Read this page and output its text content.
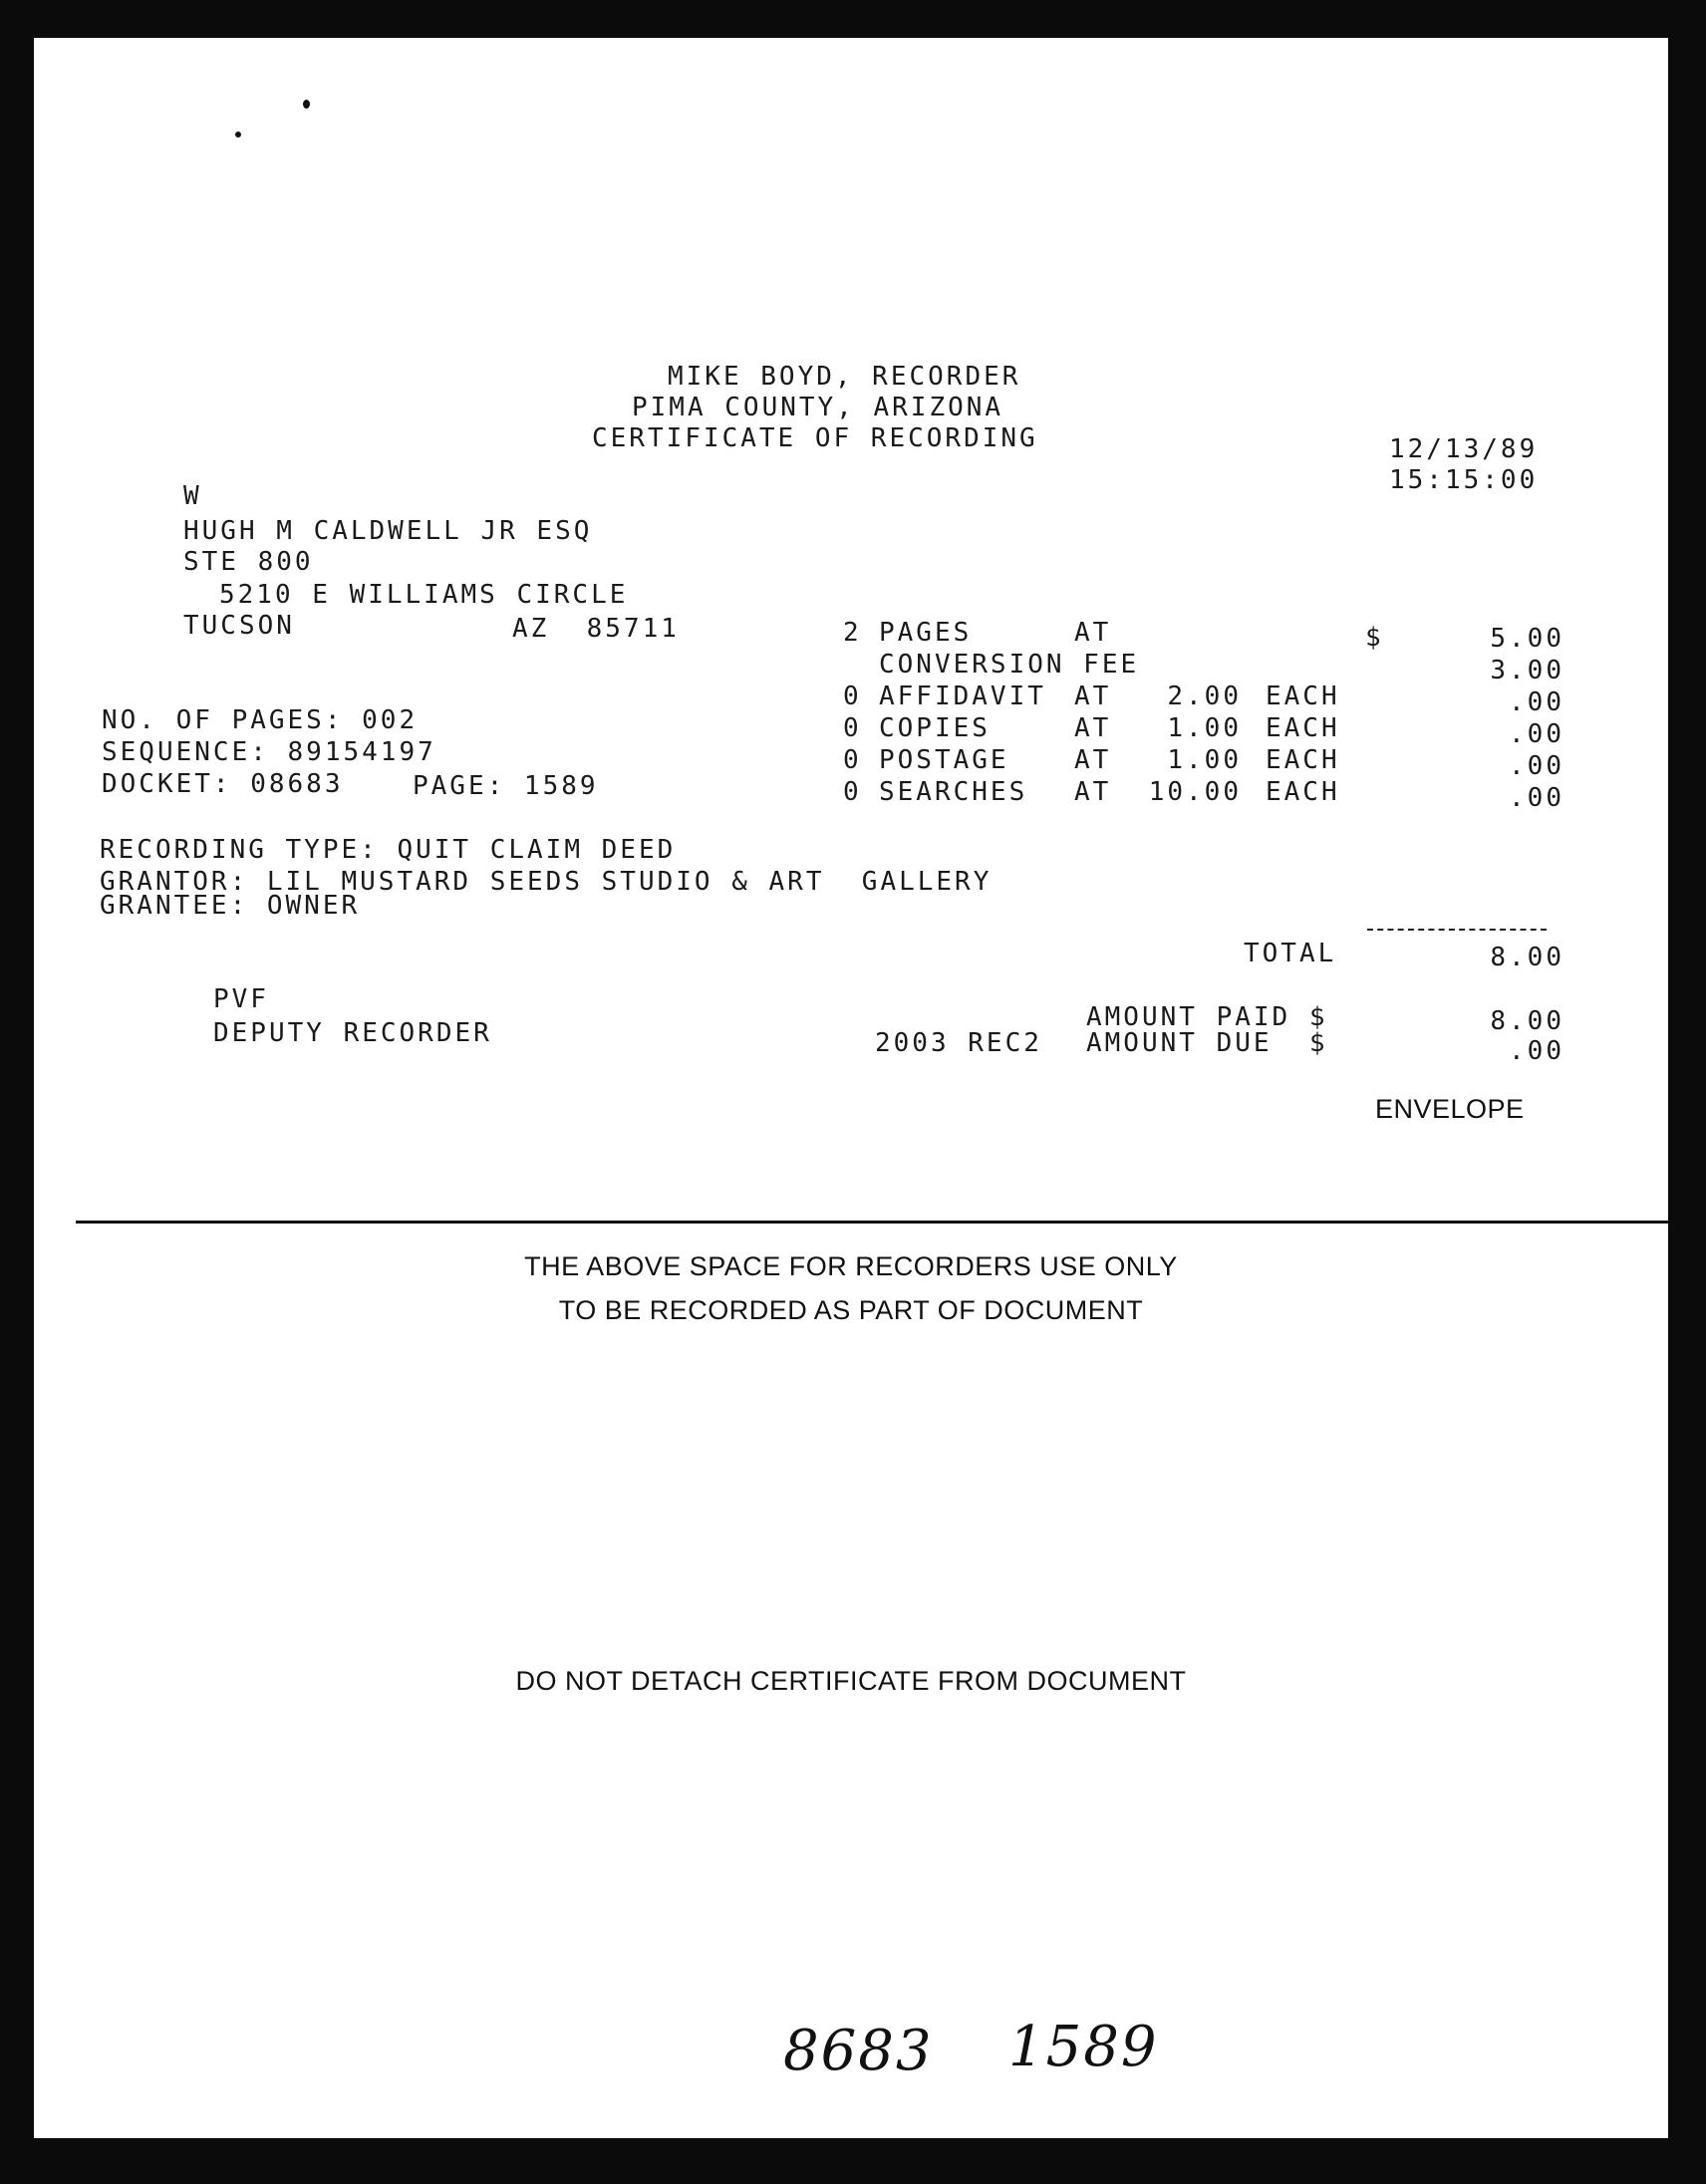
MIKE BOYD, RECORDER
PIMA COUNTY, ARIZONA
CERTIFICATE OF RECORDING	12/13/89
15:15:00
W
HUGH M CALDWELL JR ESQ
STE 800
5210 E WILLIAMS CIRCLE
TUCSON	AZ  85711
NO. OF PAGES: 002
SEQUENCE: 89154197
DOCKET: 08683	PAGE: 1589
RECORDING TYPE: QUIT CLAIM DEED
GRANTOR: LIL MUSTARD SEEDS STUDIO & ART  GALLERY
GRANTEE: OWNER
2 PAGES	AT	$	5.00
CONVERSION FEE	3.00
0 AFFIDAVIT AT	2.00 EACH	.00
0 COPIES	AT	1.00 EACH	.00
0 POSTAGE	AT	1.00 EACH	.00
0 SEARCHES AT	10.00 EACH	.00
TOTAL	8.00
PVF
DEPUTY RECORDER
AMOUNT PAID $	8.00
2003 REC2 AMOUNT DUE  $	.00
ENVELOPE
THE ABOVE SPACE FOR RECORDERS USE ONLY
TO BE RECORDED AS PART OF DOCUMENT
DO NOT DETACH CERTIFICATE FROM DOCUMENT
8683 1589
